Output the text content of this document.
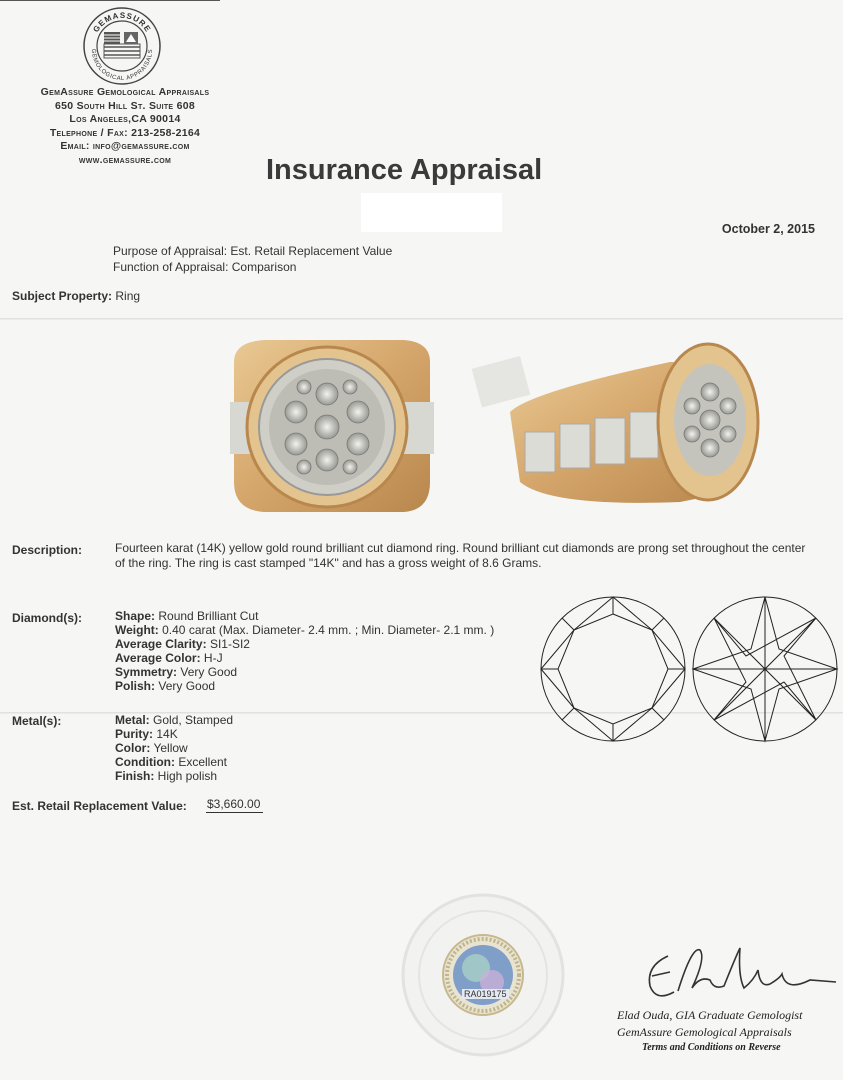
GEMASSURE
GEMOLOGICAL APPRAISALS
GemAssure Gemological Appraisals
650 South Hill St. Suite 608
Los Angeles,CA 90014
Telephone / Fax: 213-258-2164
Email: info@gemassure.com
www.gemassure.com	Insurance Appraisal
October 2, 2015
Purpose of Appraisal: Est. Retail Replacement Value
Function of Appraisal: Comparison
Subject Property: Ring
Description:	Fourteen karat (14K) yellow gold round brilliant cut diamond ring. Round brilliant cut diamonds are prong set throughout the center of the ring. The ring is cast stamped "14K" and has a gross weight of 8.6 Grams.
Diamond(s):	Shape: Round Brilliant Cut
Weight: 0.40 carat (Max. Diameter- 2.4 mm. ; Min. Diameter- 2.1 mm. )
Average Clarity: SI1-SI2
Average Color: H-J
Symmetry: Very Good
Polish: Very Good
Metal(s):	Metal: Gold, Stamped
Purity: 14K
Color: Yellow
Condition: Excellent
Finish: High polish
Est. Retail Replacement Value: $3,660.00
RA019175
Elad Ouda, GIA Graduate Gemologist
GemAssure Gemological Appraisals
Terms and Conditions on Reverse
